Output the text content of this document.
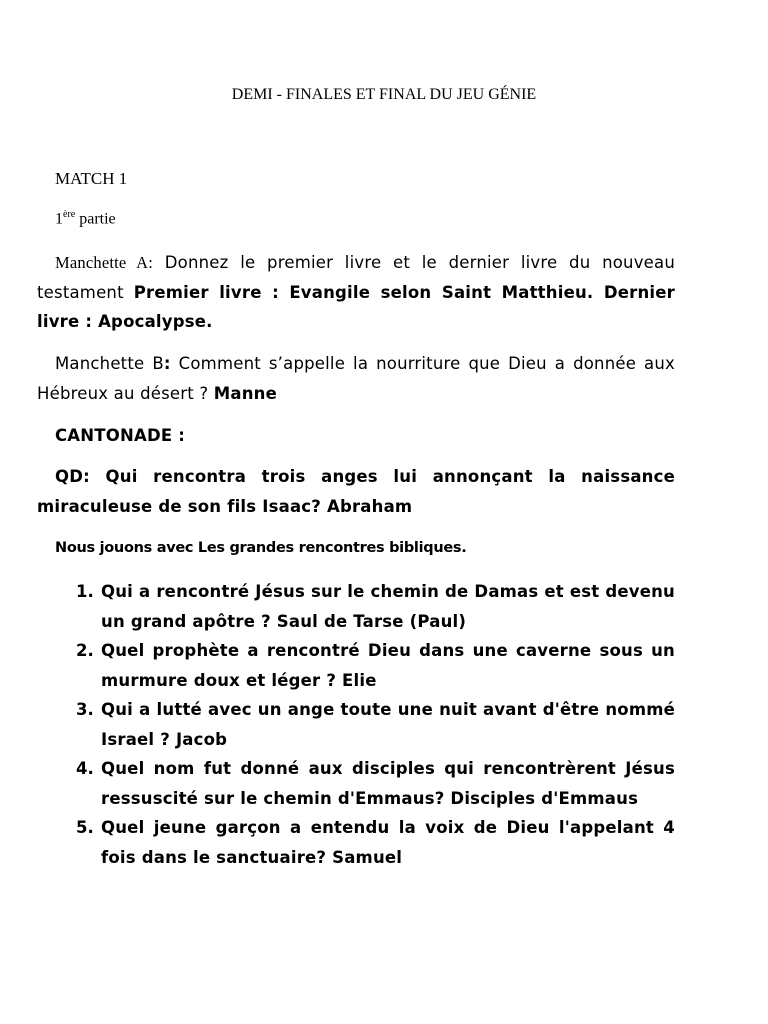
DEMI - FINALES ET FINAL DU JEU GÉNIE
MATCH 1
1ère partie
Manchette A: Donnez le premier livre et le dernier livre du nouveau testament Premier livre : Evangile selon Saint Matthieu. Dernier livre : Apocalypse.
Manchette B: Comment s’appelle la nourriture que Dieu a donnée aux Hébreux au désert ? Manne
CANTONADE :
QD: Qui rencontra trois anges lui annonçant la naissance miraculeuse de son fils Isaac? Abraham
Nous jouons avec Les grandes rencontres bibliques.
1. Qui a rencontré Jésus sur le chemin de Damas et est devenu un grand apôtre ? Saul de Tarse (Paul)
2. Quel prophète a rencontré Dieu dans une caverne sous un murmure doux et léger ? Elie
3. Qui a lutté avec un ange toute une nuit avant d'être nommé Israel ? Jacob
4. Quel nom fut donné aux disciples qui rencontrèrent Jésus ressuscité sur le chemin d'Emmaus? Disciples d'Emmaus
5. Quel jeune garçon a entendu la voix de Dieu l'appelant 4 fois dans le sanctuaire? Samuel
